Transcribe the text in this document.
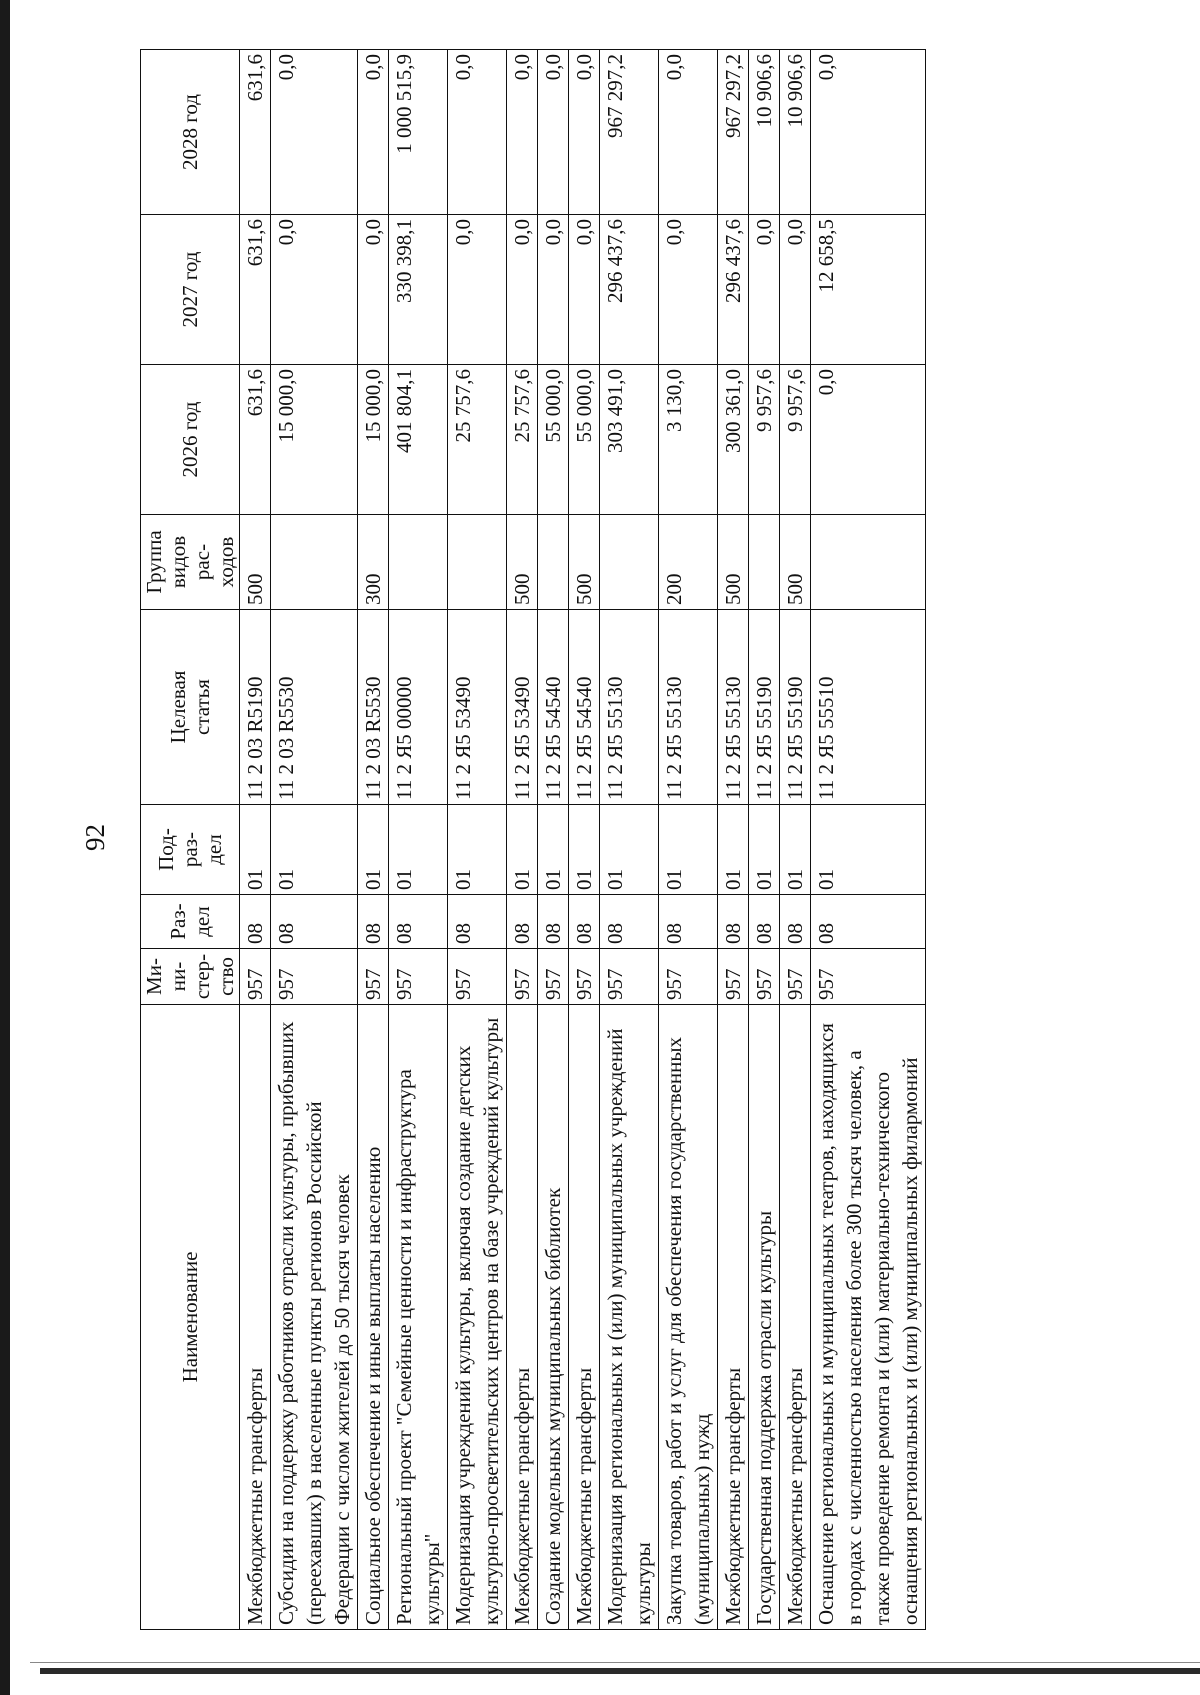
92
Наименование	Ми- ни- стер- ство	Раз- дел	Под- раз- дел	Целевая статья	Группа видов рас- ходов	2026 год	2027 год	2028 год
Межбюджетные трансферты	957	08	01	11 2 03 R5190	500	631,6	631,6	631,6
Субсидии на поддержку работников отрасли культуры, прибывших (переехавших) в населенные пункты регионов Российской Федерации с числом жителей до 50 тысяч человек	957	08	01	11 2 03 R5530		15 000,0	0,0	0,0
Социальное обеспечение и иные выплаты населению	957	08	01	11 2 03 R5530	300	15 000,0	0,0	0,0
Региональный проект "Семейные ценности и инфраструктура культуры"	957	08	01	11 2 Я5 00000		401 804,1	330 398,1	1 000 515,9
Модернизация учреждений культуры, включая создание детских культурно-просветительских центров на базе учреждений культуры	957	08	01	11 2 Я5 53490		25 757,6	0,0	0,0
Межбюджетные трансферты	957	08	01	11 2 Я5 53490	500	25 757,6	0,0	0,0
Создание модельных муниципальных библиотек	957	08	01	11 2 Я5 54540		55 000,0	0,0	0,0
Межбюджетные трансферты	957	08	01	11 2 Я5 54540	500	55 000,0	0,0	0,0
Модернизация региональных и (или) муниципальных учреждений культуры	957	08	01	11 2 Я5 55130		303 491,0	296 437,6	967 297,2
Закупка товаров, работ и услуг для обеспечения государственных (муниципальных) нужд	957	08	01	11 2 Я5 55130	200	3 130,0	0,0	0,0
Межбюджетные трансферты	957	08	01	11 2 Я5 55130	500	300 361,0	296 437,6	967 297,2
Государственная поддержка отрасли культуры	957	08	01	11 2 Я5 55190		9 957,6	0,0	10 906,6
Межбюджетные трансферты	957	08	01	11 2 Я5 55190	500	9 957,6	0,0	10 906,6
Оснащение региональных и муниципальных театров, находящихся в городах с численностью населения более 300 тысяч человек, а также проведение ремонта и (или) материально-технического оснащения региональных и (или) муниципальных филармоний	957	08	01	11 2 Я5 55510		0,0	12 658,5	0,0
